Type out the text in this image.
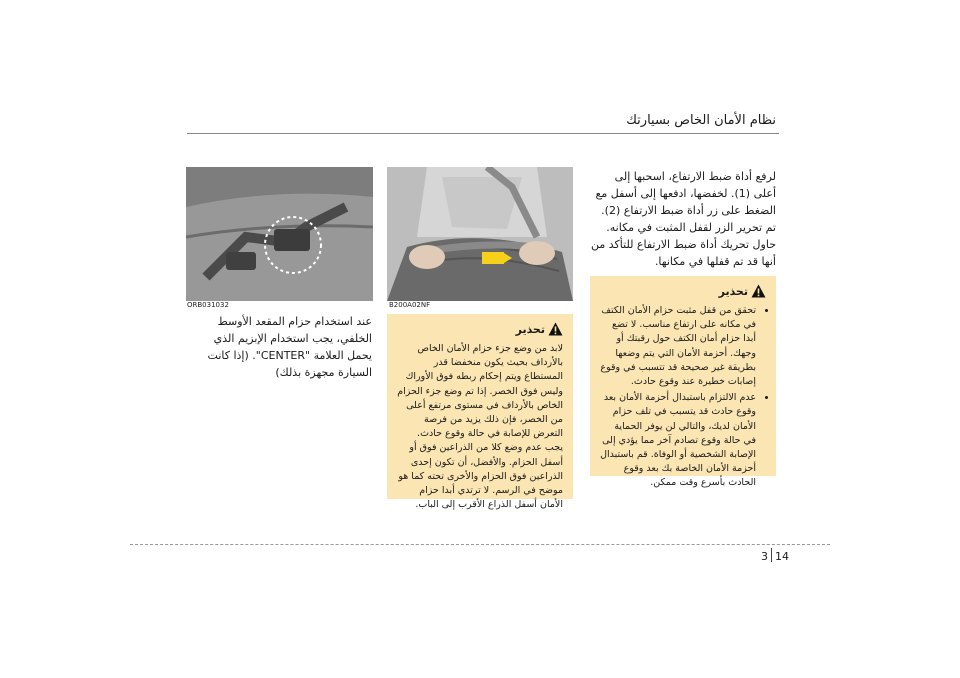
نظام الأمان الخاص بسيارتك
لرفع أداة ضبط الارتفاع، اسحبها إلى أعلى (1). لخفضها، ادفعها إلى أسفل مع الضغط على زر أداة ضبط الارتفاع (2). تم تحرير الزر لقفل المثبت في مكانه. حاول تحريك أداة ضبط الارتفاع للتأكد من أنها قد تم قفلها في مكانها.
تحذير
• تحقق من قفل مثبت حزام الأمان الكتف في مكانه على ارتفاع مناسب. لا تضع أبدا حزام أمان الكتف حول رقبتك أو وجهك. أحزمة الأمان التي يتم وضعها بطريقة غير صحيحة قد تتسبب في وقوع إصابات خطيرة عند وقوع حادث.
• عدم الالتزام باستبدال أحزمة الأمان بعد وقوع حادث قد يتسبب في تلف حزام الأمان لديك، والتالي لن يوفر الحماية في حالة وقوع تصادم آخر مما يؤدي إلى الإصابة الشخصية أو الوفاة. قم باستبدال أحزمة الأمان الخاصة بك بعد وقوع الحادث بأسرع وقت ممكن.
B200A02NF
تحذير
لابد من وضع جزء حزام الأمان الخاص بالأرداف بحيث يكون منخفضا قدر المستطاع ويتم إحكام ربطه فوق الأوراك وليس فوق الخصر. إذا تم وضع جزء الحزام الخاص بالأرداف في مستوى مرتفع أعلى من الخصر، فإن ذلك يزيد من فرصة التعرض للإصابة في حالة وقوع حادث. يجب عدم وضع كلا من الذراعين فوق أو أسفل الحزام. والأفضل، أن تكون إحدى الذراعين فوق الحزام والأخرى تحته كما هو موضح في الرسم. لا ترتدي أبدا حزام الأمان أسفل الذراع الأقرب إلى الباب.
ORB031032
عند استخدام حزام المقعد الأوسط الخلفي، يجب استخدام الإبزيم الذي يحمل العلامة "CENTER". (إذا كانت السيارة مجهزة بذلك)
3 14
